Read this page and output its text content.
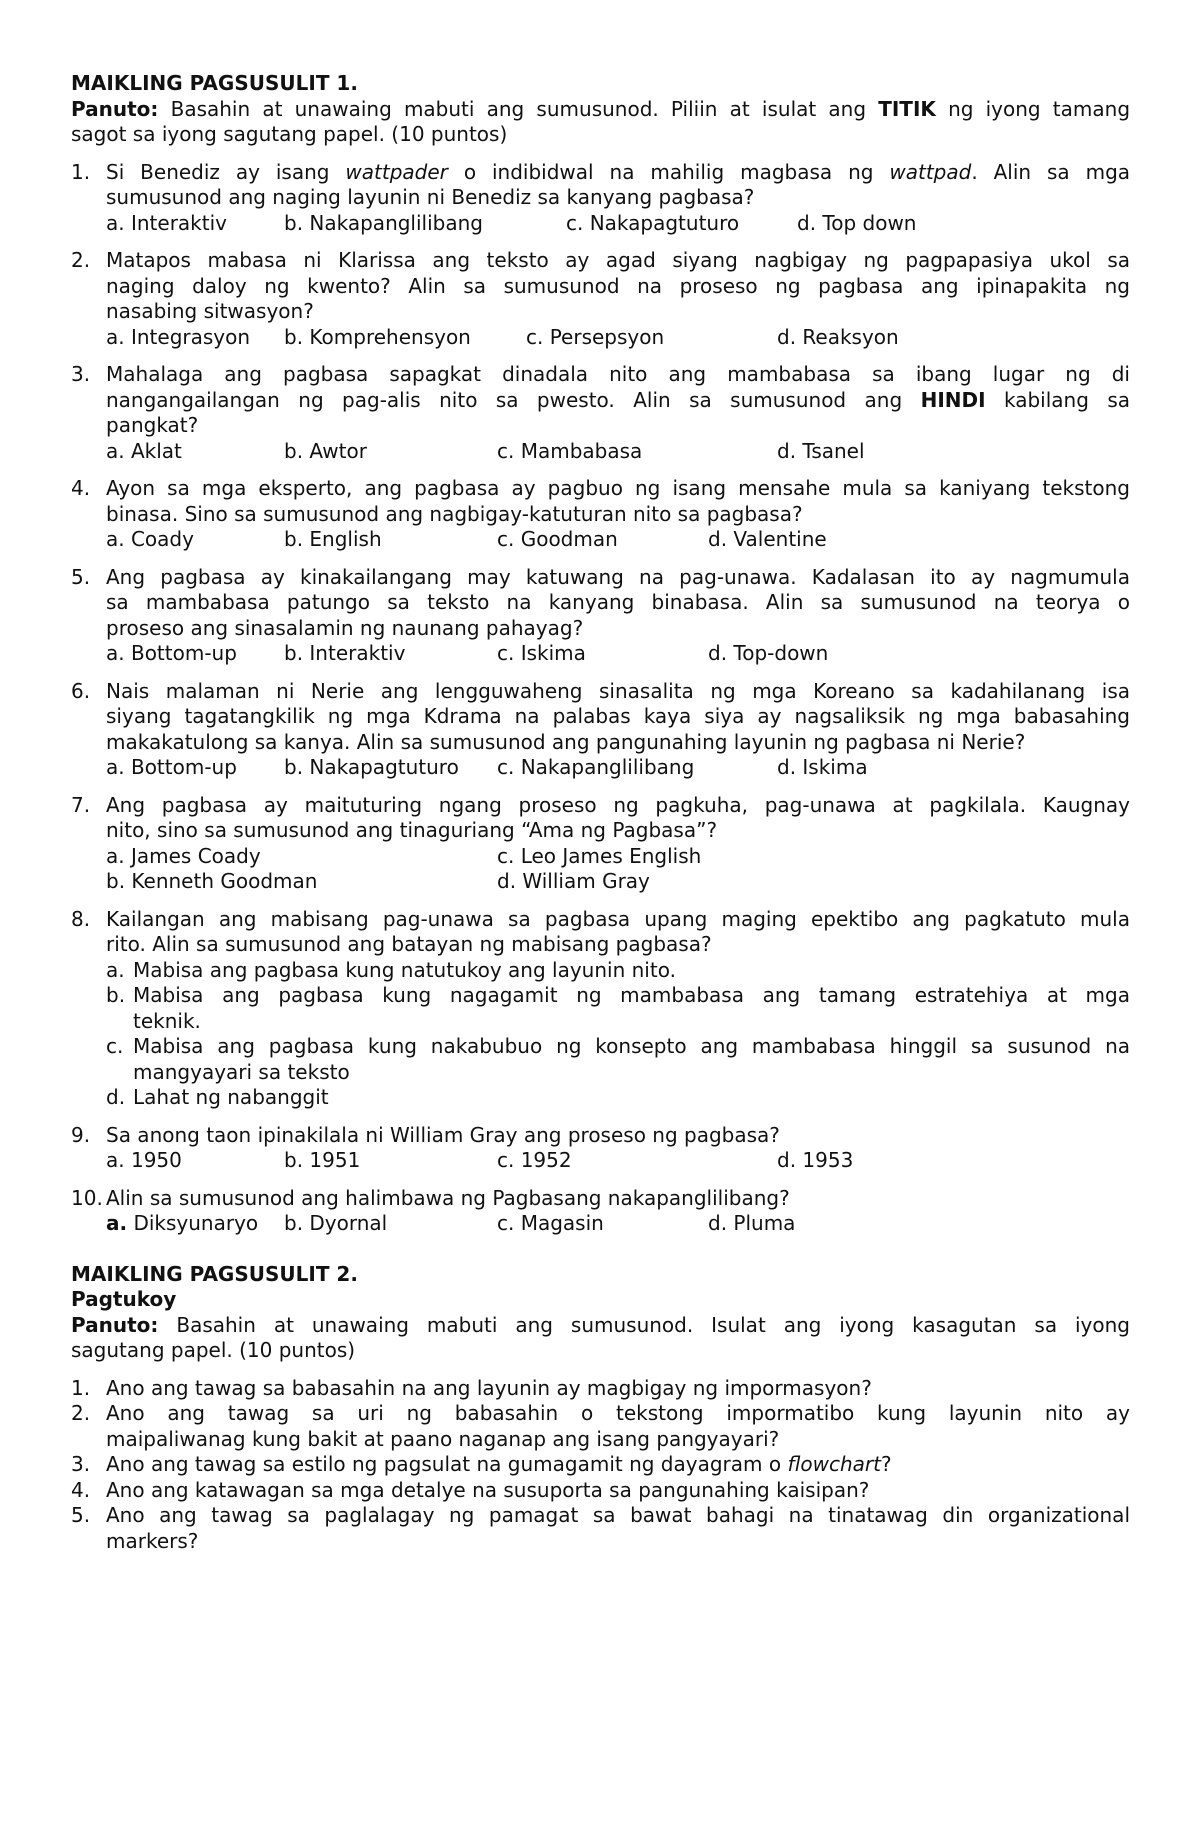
MAIKLING PAGSUSULIT 1.
Panuto: Basahin at unawaing mabuti ang sumusunod. Piliin at isulat ang TITIK ng iyong tamang
sagot sa iyong sagutang papel. (10 puntos)
1. Si Benediz ay isang wattpader o indibidwal na mahilig magbasa ng wattpad. Alin sa mga
sumusunod ang naging layunin ni Benediz sa kanyang pagbasa?
a. Interaktiv	b. Nakapanglilibang	c. Nakapagtuturo	d. Top down
2. Matapos mabasa ni Klarissa ang teksto ay agad siyang nagbigay ng pagpapasiya ukol sa
naging daloy ng kwento? Alin sa sumusunod na proseso ng pagbasa ang ipinapakita ng
nasabing sitwasyon?
a. Integrasyon b. Komprehensyon	c. Persepsyon	d. Reaksyon
3. Mahalaga ang pagbasa sapagkat dinadala nito ang mambabasa sa ibang lugar ng di
nangangailangan ng pag-alis nito sa pwesto. Alin sa sumusunod ang HINDI kabilang sa
pangkat?
a. Aklat	b. Awtor	c. Mambabasa	d. Tsanel
4. Ayon sa mga eksperto, ang pagbasa ay pagbuo ng isang mensahe mula sa kaniyang tekstong
binasa. Sino sa sumusunod ang nagbigay-katuturan nito sa pagbasa?
a. Coady	b. English	c. Goodman	d. Valentine
5. Ang pagbasa ay kinakailangang may katuwang na pag-unawa. Kadalasan ito ay nagmumula
sa mambabasa patungo sa teksto na kanyang binabasa. Alin sa sumusunod na teorya o
proseso ang sinasalamin ng naunang pahayag?
a. Bottom-up b. Interaktiv	c. Iskima	d. Top-down
6. Nais malaman ni Nerie ang lengguwaheng sinasalita ng mga Koreano sa kadahilanang isa
siyang tagatangkilik ng mga Kdrama na palabas kaya siya ay nagsaliksik ng mga babasahing
makakatulong sa kanya. Alin sa sumusunod ang pangunahing layunin ng pagbasa ni Nerie?
a. Bottom-up b. Nakapagtuturo c. Nakapanglilibang	d. Iskima
7. Ang pagbasa ay maituturing ngang proseso ng pagkuha, pag-unawa at pagkilala. Kaugnay
nito, sino sa sumusunod ang tinaguriang “Ama ng Pagbasa”?
a. James Coady	c. Leo James English
b. Kenneth Goodman	d. William Gray
8. Kailangan ang mabisang pag-unawa sa pagbasa upang maging epektibo ang pagkatuto mula
rito. Alin sa sumusunod ang batayan ng mabisang pagbasa?
a. Mabisa ang pagbasa kung natutukoy ang layunin nito.
b. Mabisa ang pagbasa kung nagagamit ng mambabasa ang tamang estratehiya at mga
teknik.
c. Mabisa ang pagbasa kung nakabubuo ng konsepto ang mambabasa hinggil sa susunod na
mangyayari sa teksto
d. Lahat ng nabanggit
9. Sa anong taon ipinakilala ni William Gray ang proseso ng pagbasa?
a. 1950	b. 1951	c. 1952	d. 1953
10. Alin sa sumusunod ang halimbawa ng Pagbasang nakapanglilibang?
a. Diksyunaryo b. Dyornal	c. Magasin	d. Pluma
MAIKLING PAGSUSULIT 2.
Pagtukoy
Panuto: Basahin at unawaing mabuti ang sumusunod. Isulat ang iyong kasagutan sa iyong
sagutang papel. (10 puntos)
1. Ano ang tawag sa babasahin na ang layunin ay magbigay ng impormasyon?
2. Ano ang tawag sa uri ng babasahin o tekstong impormatibo kung layunin nito ay
maipaliwanag kung bakit at paano naganap ang isang pangyayari?
3. Ano ang tawag sa estilo ng pagsulat na gumagamit ng dayagram o flowchart?
4. Ano ang katawagan sa mga detalye na susuporta sa pangunahing kaisipan?
5. Ano ang tawag sa paglalagay ng pamagat sa bawat bahagi na tinatawag din organizational
markers?
